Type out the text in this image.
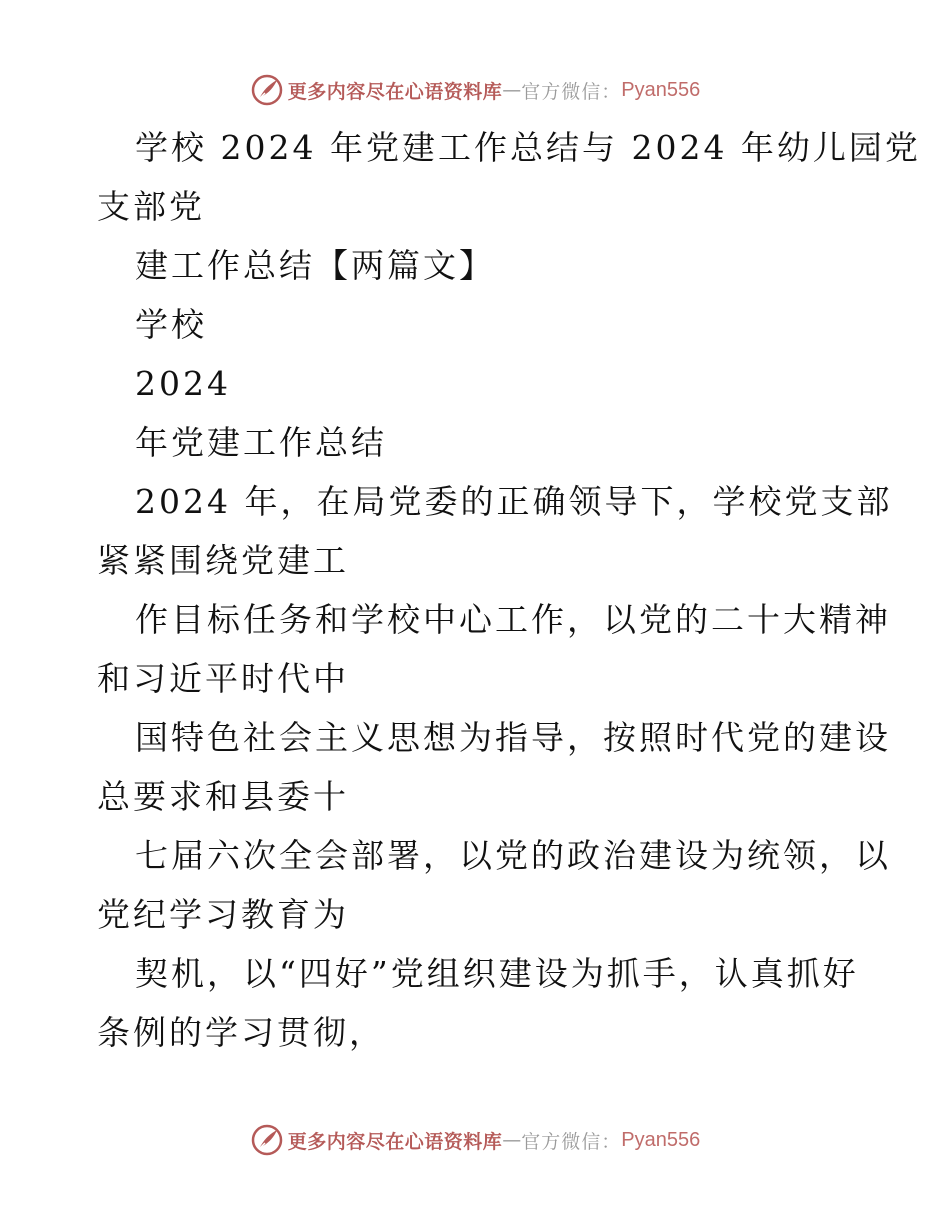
更多内容尽在心语资料库 — 官方微信： Pyan556
学校 2024 年党建工作总结与 2024 年幼儿园党
支部党
建工作总结【两篇文】
学校
2024
年党建工作总结
2024 年，在局党委的正确领导下，学校党支部
紧紧围绕党建工
作目标任务和学校中心工作，以党的二十大精神
和习近平时代中
国特色社会主义思想为指导，按照时代党的建设
总要求和县委十
七届六次全会部署，以党的政治建设为统领，以
党纪学习教育为
契机，以“四好”党组织建设为抓手，认真抓好
条例的学习贯彻，
更多内容尽在心语资料库 — 官方微信： Pyan556
